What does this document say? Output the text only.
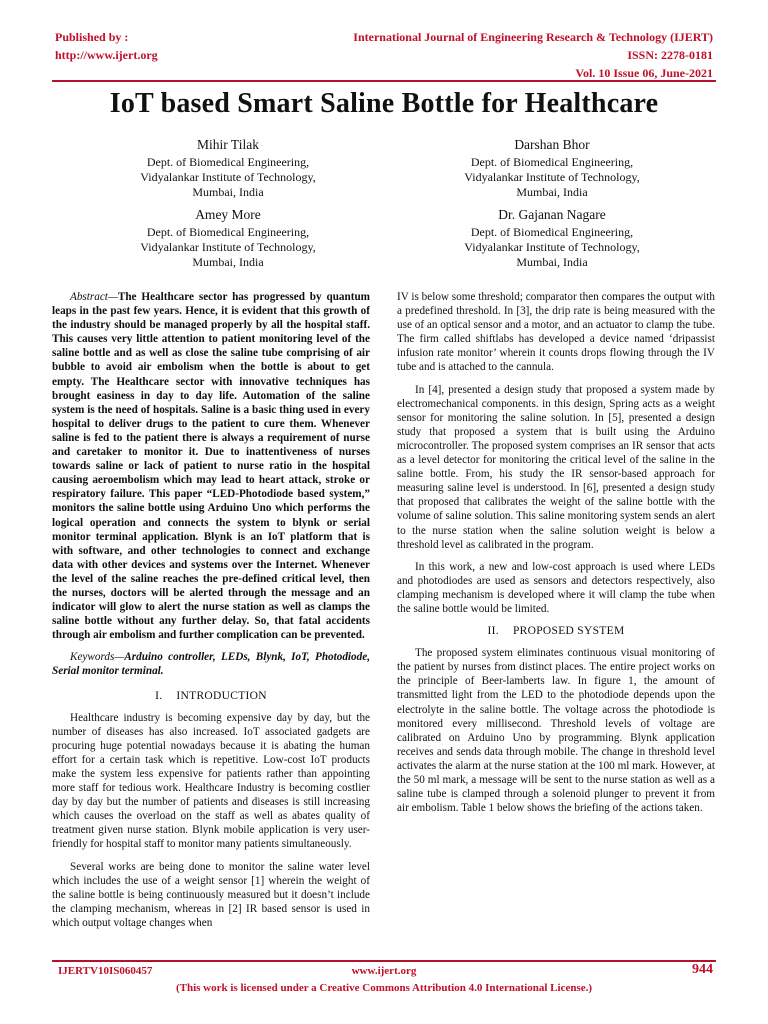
Published by :
http://www.ijert.org
International Journal of Engineering Research & Technology (IJERT)
ISSN: 2278-0181
Vol. 10 Issue 06, June-2021
IoT based Smart Saline Bottle for Healthcare
Mihir Tilak
Dept. of Biomedical Engineering,
Vidyalankar Institute of Technology,
Mumbai, India
Darshan Bhor
Dept. of Biomedical Engineering,
Vidyalankar Institute of Technology,
Mumbai, India
Amey More
Dept. of Biomedical Engineering,
Vidyalankar Institute of Technology,
Mumbai, India
Dr. Gajanan Nagare
Dept. of Biomedical Engineering,
Vidyalankar Institute of Technology,
Mumbai, India
Abstract—The Healthcare sector has progressed by quantum leaps in the past few years. Hence, it is evident that this growth of the industry should be managed properly by all the hospital staff. This causes very little attention to patient monitoring level of the saline bottle and as well as close the saline tube comprising of air bubble to avoid air embolism when the bottle is about to get empty. The Healthcare sector with innovative techniques has brought easiness in day to day life. Automation of the saline system is the need of hospitals. Saline is a basic thing used in every hospital to deliver drugs to the patient to cure them. Whenever saline is fed to the patient there is always a requirement of nurse and caretaker to monitor it. Due to inattentiveness of nurses towards saline or lack of patient to nurse ratio in the hospital causing aeroembolism which may lead to heart attack, stroke or respiratory failure. This paper “LED-Photodiode based system,” monitors the saline bottle using Arduino Uno which performs the logical operation and connects the system to blynk or serial monitor terminal application. Blynk is an IoT platform that is with software, and other technologies to connect and exchange data with other devices and systems over the Internet. Whenever the level of the saline reaches the pre-defined critical level, then the nurses, doctors will be alerted through the message and an indicator will glow to alert the nurse station as well as clamps the saline bottle without any further delay. So, that fatal accidents through air embolism and further complication can be prevented.
Keywords—Arduino controller, LEDs, Blynk, IoT, Photodiode, Serial monitor terminal.
I. INTRODUCTION

Healthcare industry is becoming expensive day by day, but the number of diseases has also increased. IoT associated gadgets are procuring huge potential nowadays because it is abating the human effort for a certain task which is repetitive. Low-cost IoT products make the system less expensive for patients rather than appointing more staff for tedious work. Healthcare Industry is becoming costlier day by day but the number of patients and diseases is still increasing which causes the overload on the staff as well as abates quality of treatment given nurse station. Blynk mobile application is very user-friendly for hospital staff to monitor many patients simultaneously.

Several works are being done to monitor the saline water level which includes the use of a weight sensor [1] wherein the weight of the saline bottle is being continuously measured but it doesn’t include the clamping mechanism, whereas in [2] IR based sensor is used in which output voltage changes when

IV is below some threshold; comparator then compares the output with a predefined threshold. In [3], the drip rate is being measured with the use of an optical sensor and a motor, and an actuator to clamp the tube. The firm called shiftlabs has developed a device named ‘dripassist infusion rate monitor’ wherein it counts drops flowing through the IV tube and is attached to the cannula.

In [4], presented a design study that proposed a system made by electromechanical components. in this design, Spring acts as a weight sensor for monitoring the saline solution. In [5], presented a design study that proposed a system that is built using the Arduino microcontroller. The proposed system comprises an IR sensor that acts as a level detector for monitoring the critical level of the saline in the saline bottle. From, his study the IR sensor-based approach for measuring saline level is understood. In [6], presented a design study that proposed that calibrates the weight of the saline bottle with the volume of saline solution. This saline monitoring system sends an alert to the nurse station when the saline solution weight is below a threshold level as calibrated in the program.

In this work, a new and low-cost approach is used where LEDs and photodiodes are used as sensors and detectors respectively, also clamping mechanism is developed where it will clamp the tube when the saline bottle would be limited.

II. PROPOSED SYSTEM

The proposed system eliminates continuous visual monitoring of the patient by nurses from distinct places. The entire project works on the principle of Beer-lamberts law. In figure 1, the amount of transmitted light from the LED to the photodiode depends upon the electrolyte in the saline bottle. The voltage across the photodiode is monitored every millisecond. Threshold levels of voltage are calibrated on Arduino Uno by programming. Blynk application receives and sends data through mobile. The change in threshold level activates the alarm at the nurse station at the 100 ml mark. However, at the 50 ml mark, a message will be sent to the nurse station as well as a saline tube is clamped through a solenoid plunger to prevent it from air embolism. Table 1 below shows the briefing of the actions taken.

IJERTV10IS060457	www.ijert.org	944
(This work is licensed under a Creative Commons Attribution 4.0 International License.)
